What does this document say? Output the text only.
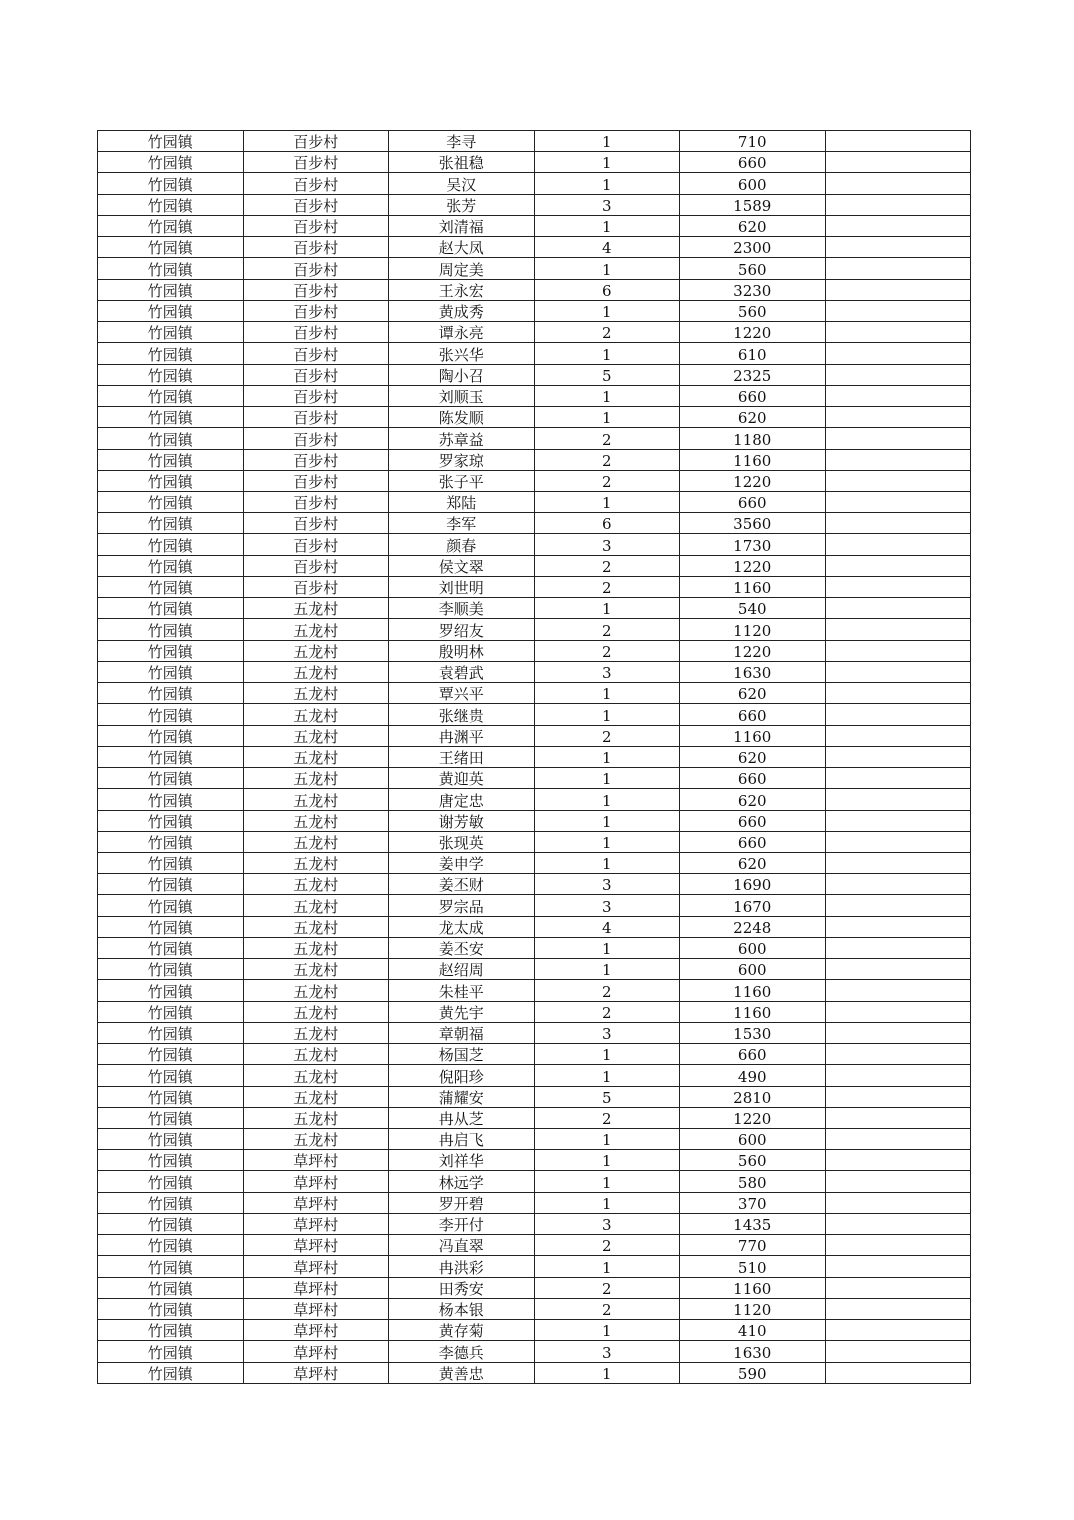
竹园镇	百步村	李寻	1	710	
竹园镇	百步村	张祖稳	1	660	
竹园镇	百步村	吴汉	1	600	
竹园镇	百步村	张芳	3	1589	
竹园镇	百步村	刘清福	1	620	
竹园镇	百步村	赵大凤	4	2300	
竹园镇	百步村	周定美	1	560	
竹园镇	百步村	王永宏	6	3230	
竹园镇	百步村	黄成秀	1	560	
竹园镇	百步村	谭永亮	2	1220	
竹园镇	百步村	张兴华	1	610	
竹园镇	百步村	陶小召	5	2325	
竹园镇	百步村	刘顺玉	1	660	
竹园镇	百步村	陈发顺	1	620	
竹园镇	百步村	苏章益	2	1180	
竹园镇	百步村	罗家琼	2	1160	
竹园镇	百步村	张子平	2	1220	
竹园镇	百步村	郑陆	1	660	
竹园镇	百步村	李军	6	3560	
竹园镇	百步村	颜春	3	1730	
竹园镇	百步村	侯文翠	2	1220	
竹园镇	百步村	刘世明	2	1160	
竹园镇	五龙村	李顺美	1	540	
竹园镇	五龙村	罗绍友	2	1120	
竹园镇	五龙村	殷明林	2	1220	
竹园镇	五龙村	袁碧武	3	1630	
竹园镇	五龙村	覃兴平	1	620	
竹园镇	五龙村	张继贵	1	660	
竹园镇	五龙村	冉渊平	2	1160	
竹园镇	五龙村	王绪田	1	620	
竹园镇	五龙村	黄迎英	1	660	
竹园镇	五龙村	唐定忠	1	620	
竹园镇	五龙村	谢芳敏	1	660	
竹园镇	五龙村	张现英	1	660	
竹园镇	五龙村	姜申学	1	620	
竹园镇	五龙村	姜丕财	3	1690	
竹园镇	五龙村	罗宗品	3	1670	
竹园镇	五龙村	龙太成	4	2248	
竹园镇	五龙村	姜丕安	1	600	
竹园镇	五龙村	赵绍周	1	600	
竹园镇	五龙村	朱桂平	2	1160	
竹园镇	五龙村	黄先宇	2	1160	
竹园镇	五龙村	章朝福	3	1530	
竹园镇	五龙村	杨国芝	1	660	
竹园镇	五龙村	倪阳珍	1	490	
竹园镇	五龙村	蒲耀安	5	2810	
竹园镇	五龙村	冉从芝	2	1220	
竹园镇	五龙村	冉启飞	1	600	
竹园镇	草坪村	刘祥华	1	560	
竹园镇	草坪村	林远学	1	580	
竹园镇	草坪村	罗开碧	1	370	
竹园镇	草坪村	李开付	3	1435	
竹园镇	草坪村	冯直翠	2	770	
竹园镇	草坪村	冉洪彩	1	510	
竹园镇	草坪村	田秀安	2	1160	
竹园镇	草坪村	杨本银	2	1120	
竹园镇	草坪村	黄存菊	1	410	
竹园镇	草坪村	李德兵	3	1630	
竹园镇	草坪村	黄善忠	1	590	
